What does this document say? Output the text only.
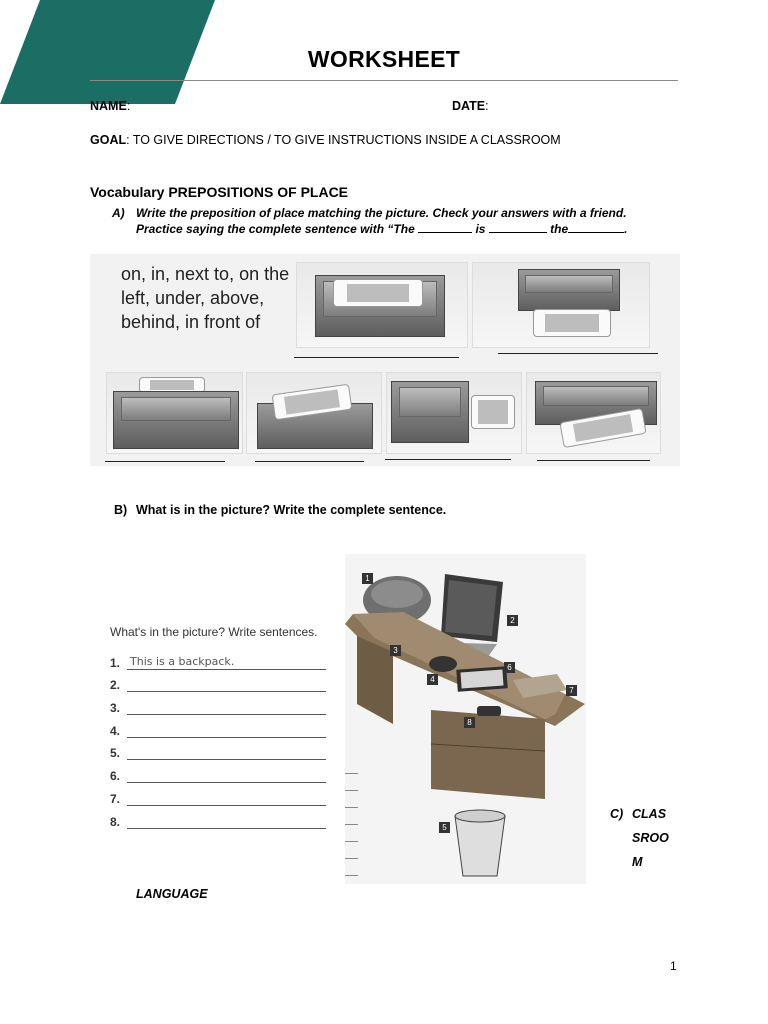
WORKSHEET
NAME:	DATE:
GOAL: TO GIVE DIRECTIONS / TO GIVE INSTRUCTIONS INSIDE A CLASSROOM
Vocabulary PREPOSITIONS OF PLACE
A) Write the preposition of place matching the picture. Check your answers with a friend.
Practice saying the complete sentence with “The	is	the	.
on, in, next to, on the
left, under, above,
behind, in front of
B) What is in the picture? Write the complete sentence.
What's in the picture? Write sentences.
1. This is a backpack.
2.
3.
4.
5.
6.
7.
8.
1
2
3
4
5
6
7
8
C) CLAS
SROO
M
LANGUAGE
1
